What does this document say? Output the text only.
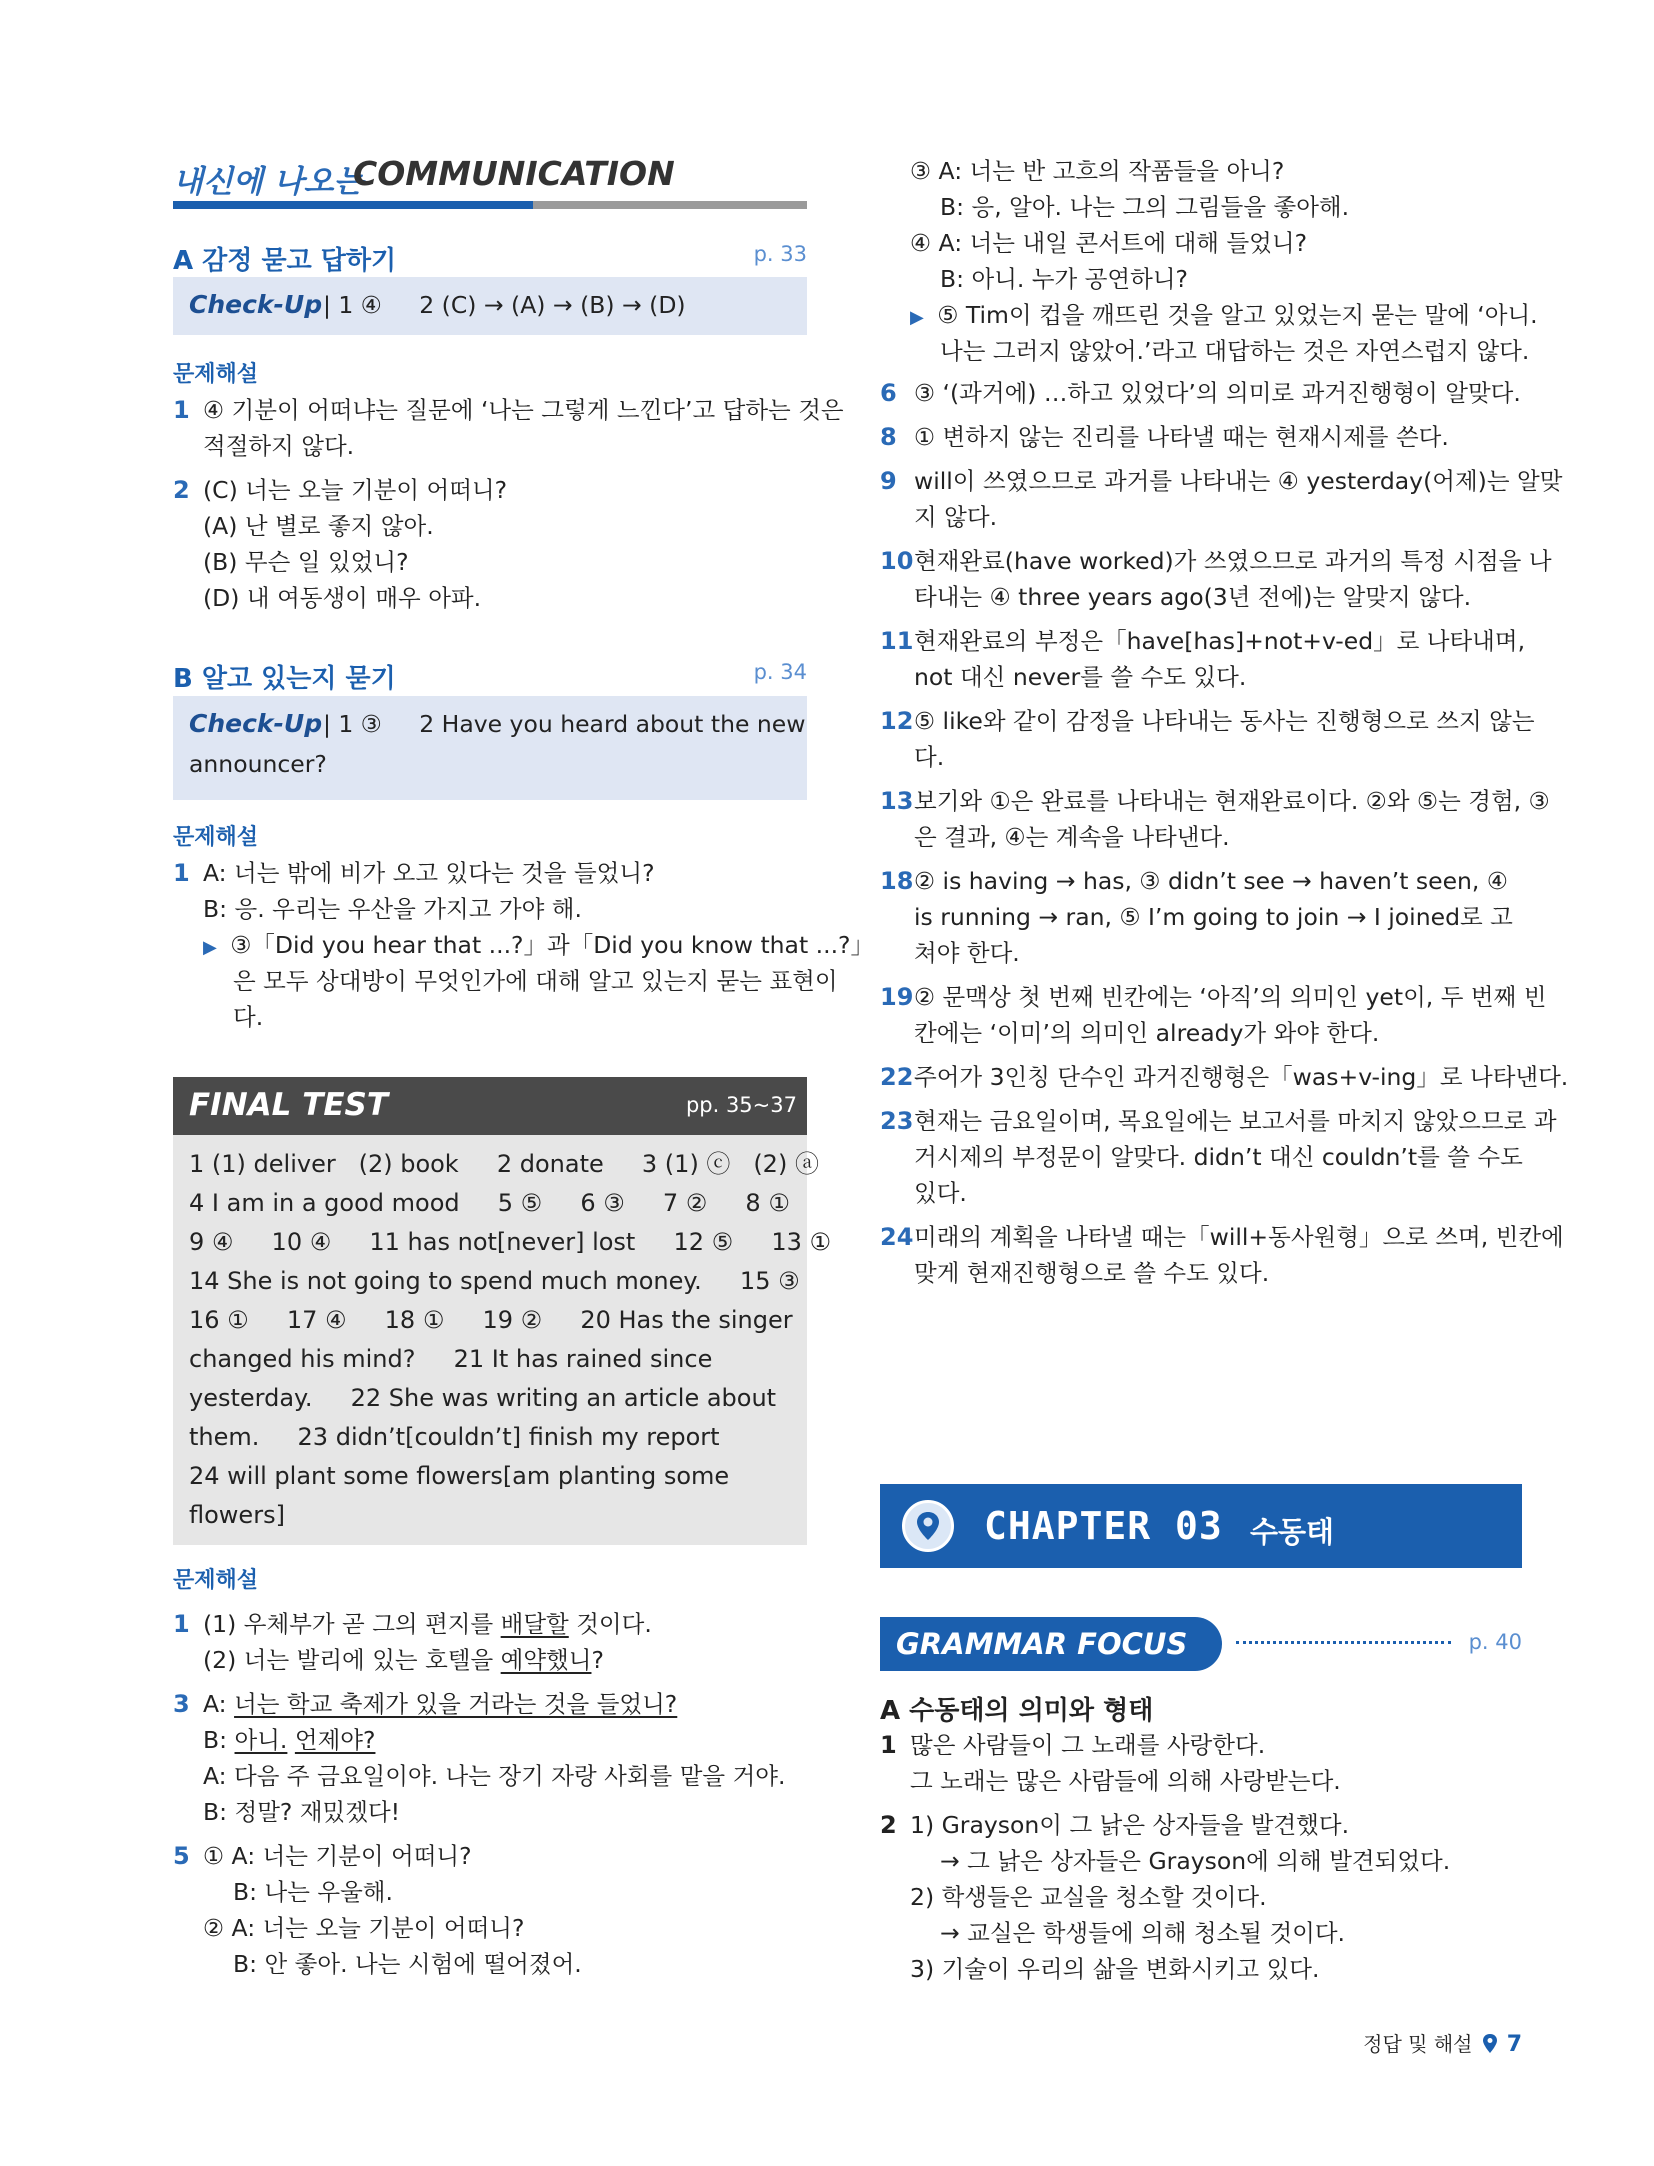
내신에 나오는
COMMUNICATION
A 감정 묻고 답하기	p. 33
Check-Up | 1 ④     2 (C) → (A) → (B) → (D)
문제해설
1 ④ 기분이 어떠냐는 질문에 ‘나는 그렇게 느낀다’고 답하는 것은
적절하지 않다.
2 (C) 너는 오늘 기분이 어떠니?
(A) 난 별로 좋지 않아.
(B) 무슨 일 있었니?
(D) 내 여동생이 매우 아파.
B 알고 있는지 묻기	p. 34
Check-Up | 1 ③     2 Have you heard about the new
announcer?
문제해설
1 A: 너는 밖에 비가 오고 있다는 것을 들었니?
B: 응. 우리는 우산을 가지고 가야 해.
▶ ③「Did you hear that ...?」과「Did you know that ...?」
은 모두 상대방이 무엇인가에 대해 알고 있는지 묻는 표현이
다.
FINAL TEST	pp. 35~37
1 (1) deliver   (2) book     2 donate     3 (1) ⓒ   (2) ⓐ
4 I am in a good mood     5 ⑤     6 ③     7 ②     8 ①
9 ④     10 ④     11 has not[never] lost     12 ⑤     13 ①
14 She is not going to spend much money.     15 ③
16 ①     17 ④     18 ①     19 ②     20 Has the singer
changed his mind?     21 It has rained since
yesterday.     22 She was writing an article about
them.     23 didn’t[couldn’t] finish my report
24 will plant some flowers[am planting some
flowers]
문제해설
1 (1) 우체부가 곧 그의 편지를 배달할 것이다.
(2) 너는 발리에 있는 호텔을 예약했니?
3 A: 너는 학교 축제가 있을 거라는 것을 들었니?
B: 아니. 언제야?
A: 다음 주 금요일이야. 나는 장기 자랑 사회를 맡을 거야.
B: 정말? 재밌겠다!
5 ① A: 너는 기분이 어떠니?
B: 나는 우울해.
② A: 너는 오늘 기분이 어떠니?
B: 안 좋아. 나는 시험에 떨어졌어.
③ A: 너는 반 고흐의 작품들을 아니?
B: 응, 알아. 나는 그의 그림들을 좋아해.
④ A: 너는 내일 콘서트에 대해 들었니?
B: 아니. 누가 공연하니?
▶ ⑤ Tim이 컵을 깨뜨린 것을 알고 있었는지 묻는 말에 ‘아니.
나는 그러지 않았어.’라고 대답하는 것은 자연스럽지 않다.
6 ③ ‘(과거에) …하고 있었다’의 의미로 과거진행형이 알맞다.
8 ① 변하지 않는 진리를 나타낼 때는 현재시제를 쓴다.
9 will이 쓰였으므로 과거를 나타내는 ④ yesterday(어제)는 알맞
지 않다.
10 현재완료(have worked)가 쓰였으므로 과거의 특정 시점을 나
타내는 ④ three years ago(3년 전에)는 알맞지 않다.
11 현재완료의 부정은「have[has]+not+v-ed」로 나타내며,
not 대신 never를 쓸 수도 있다.
12 ⑤ like와 같이 감정을 나타내는 동사는 진행형으로 쓰지 않는
다.
13 보기와 ①은 완료를 나타내는 현재완료이다. ②와 ⑤는 경험, ③
은 결과, ④는 계속을 나타낸다.
18 ② is having → has, ③ didn’t see → haven’t seen, ④
is running → ran, ⑤ I’m going to join → I joined로 고
쳐야 한다.
19 ② 문맥상 첫 번째 빈칸에는 ‘아직’의 의미인 yet이, 두 번째 빈
칸에는 ‘이미’의 의미인 already가 와야 한다.
22 주어가 3인칭 단수인 과거진행형은「was+v-ing」로 나타낸다.
23 현재는 금요일이며, 목요일에는 보고서를 마치지 않았으므로 과
거시제의 부정문이 알맞다. didn’t 대신 couldn’t를 쓸 수도
있다.
24 미래의 계획을 나타낼 때는「will+동사원형」으로 쓰며, 빈칸에
맞게 현재진행형으로 쓸 수도 있다.
CHAPTER 03 수동태
GRAMMAR FOCUS	p. 40
A 수동태의 의미와 형태
1 많은 사람들이 그 노래를 사랑한다.
그 노래는 많은 사람들에 의해 사랑받는다.
2 1) Grayson이 그 낡은 상자들을 발견했다.
→ 그 낡은 상자들은 Grayson에 의해 발견되었다.
2) 학생들은 교실을 청소할 것이다.
→ 교실은 학생들에 의해 청소될 것이다.
3) 기술이 우리의 삶을 변화시키고 있다.
정답 및 해설 7
